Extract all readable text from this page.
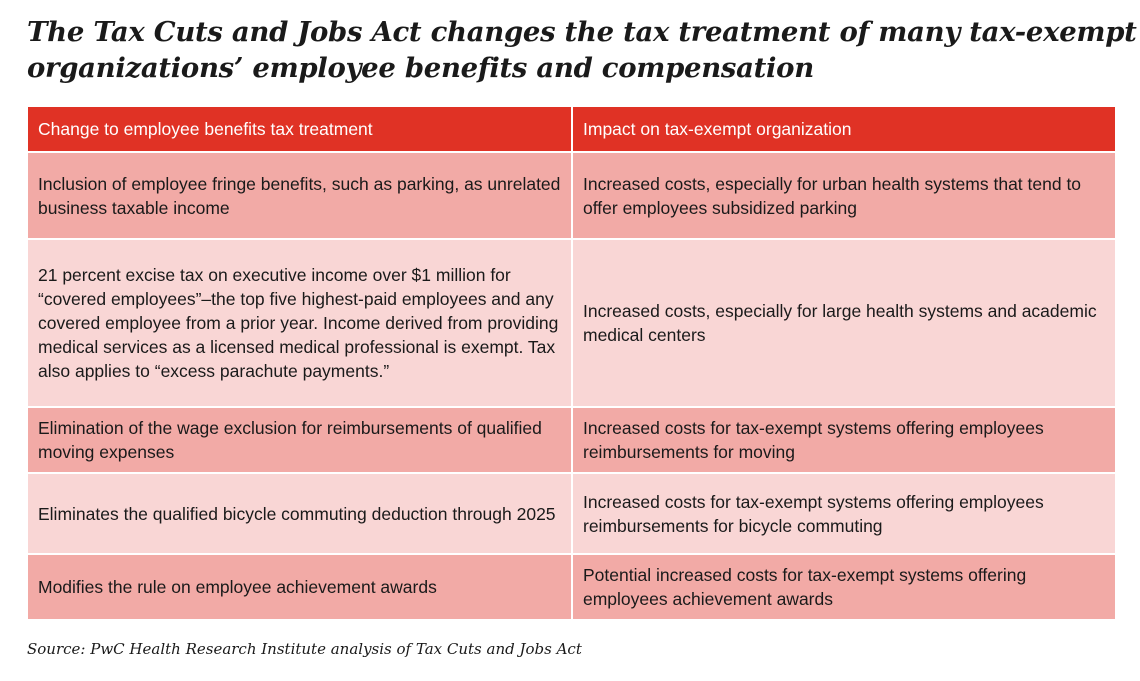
The Tax Cuts and Jobs Act changes the tax treatment of many tax-exempt
organizations’ employee benefits and compensation
Change to employee benefits tax treatment	Impact on tax-exempt organization
Inclusion of employee fringe benefits, such as parking, as unrelated business taxable income	Increased costs, especially for urban health systems that tend to offer employees subsidized parking
21 percent excise tax on executive income over $1 million for “covered employees”–the top five highest-paid employees and any covered employee from a prior year. Income derived from providing medical services as a licensed medical professional is exempt. Tax also applies to “excess parachute payments.”	Increased costs, especially for large health systems and academic medical centers
Elimination of the wage exclusion for reimbursements of qualified moving expenses	Increased costs for tax-exempt systems offering employees reimbursements for moving
Eliminates the qualified bicycle commuting deduction through 2025	Increased costs for tax-exempt systems offering employees reimbursements for bicycle commuting
Modifies the rule on employee achievement awards	Potential increased costs for tax-exempt systems offering employees achievement awards
Source: PwC Health Research Institute analysis of Tax Cuts and Jobs Act
